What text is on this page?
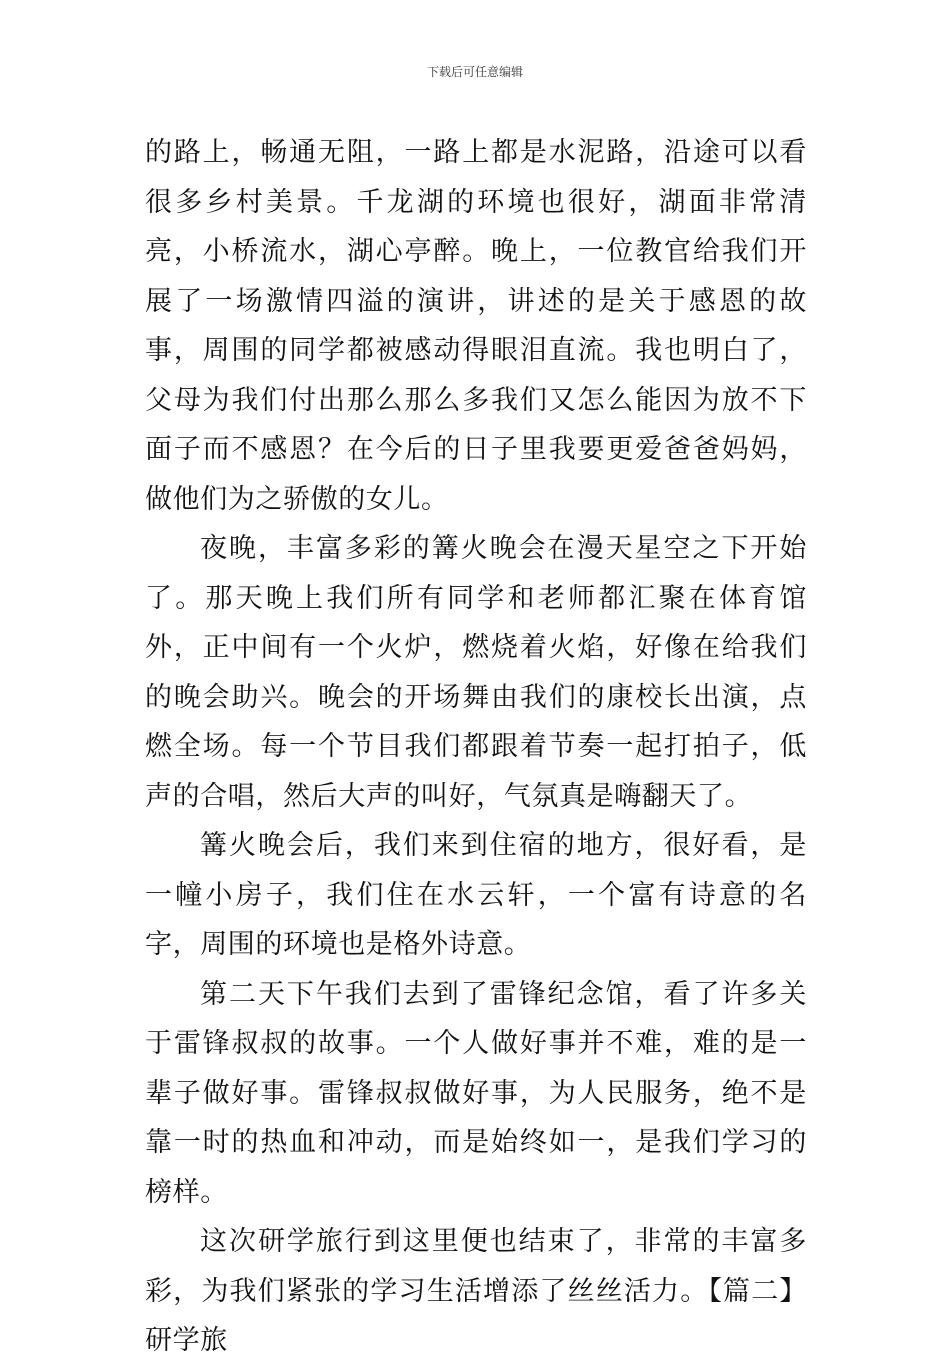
下载后可任意编辑

的路上，畅通无阻，一路上都是水泥路，沿途可以看很多乡村美景。千龙湖的环境也很好，湖面非常清亮，小桥流水，湖心亭醉。晚上，一位教官给我们开展了一场激情四溢的演讲，讲述的是关于感恩的故事，周围的同学都被感动得眼泪直流。我也明白了，父母为我们付出那么那么多我们又怎么能因为放不下面子而不感恩？在今后的日子里我要更爱爸爸妈妈，做他们为之骄傲的女儿。

夜晚，丰富多彩的篝火晚会在漫天星空之下开始了。那天晚上我们所有同学和老师都汇聚在体育馆外，正中间有一个火炉，燃烧着火焰，好像在给我们的晚会助兴。晚会的开场舞由我们的康校长出演，点燃全场。每一个节目我们都跟着节奏一起打拍子，低声的合唱，然后大声的叫好，气氛真是嗨翻天了。

篝火晚会后，我们来到住宿的地方，很好看，是一幢小房子，我们住在水云轩，一个富有诗意的名字，周围的环境也是格外诗意。

第二天下午我们去到了雷锋纪念馆，看了许多关于雷锋叔叔的故事。一个人做好事并不难，难的是一辈子做好事。雷锋叔叔做好事，为人民服务，绝不是靠一时的热血和冲动，而是始终如一，是我们学习的榜样。

这次研学旅行到这里便也结束了，非常的丰富多彩，为我们紧张的学习生活增添了丝丝活力。【篇二】研学旅
